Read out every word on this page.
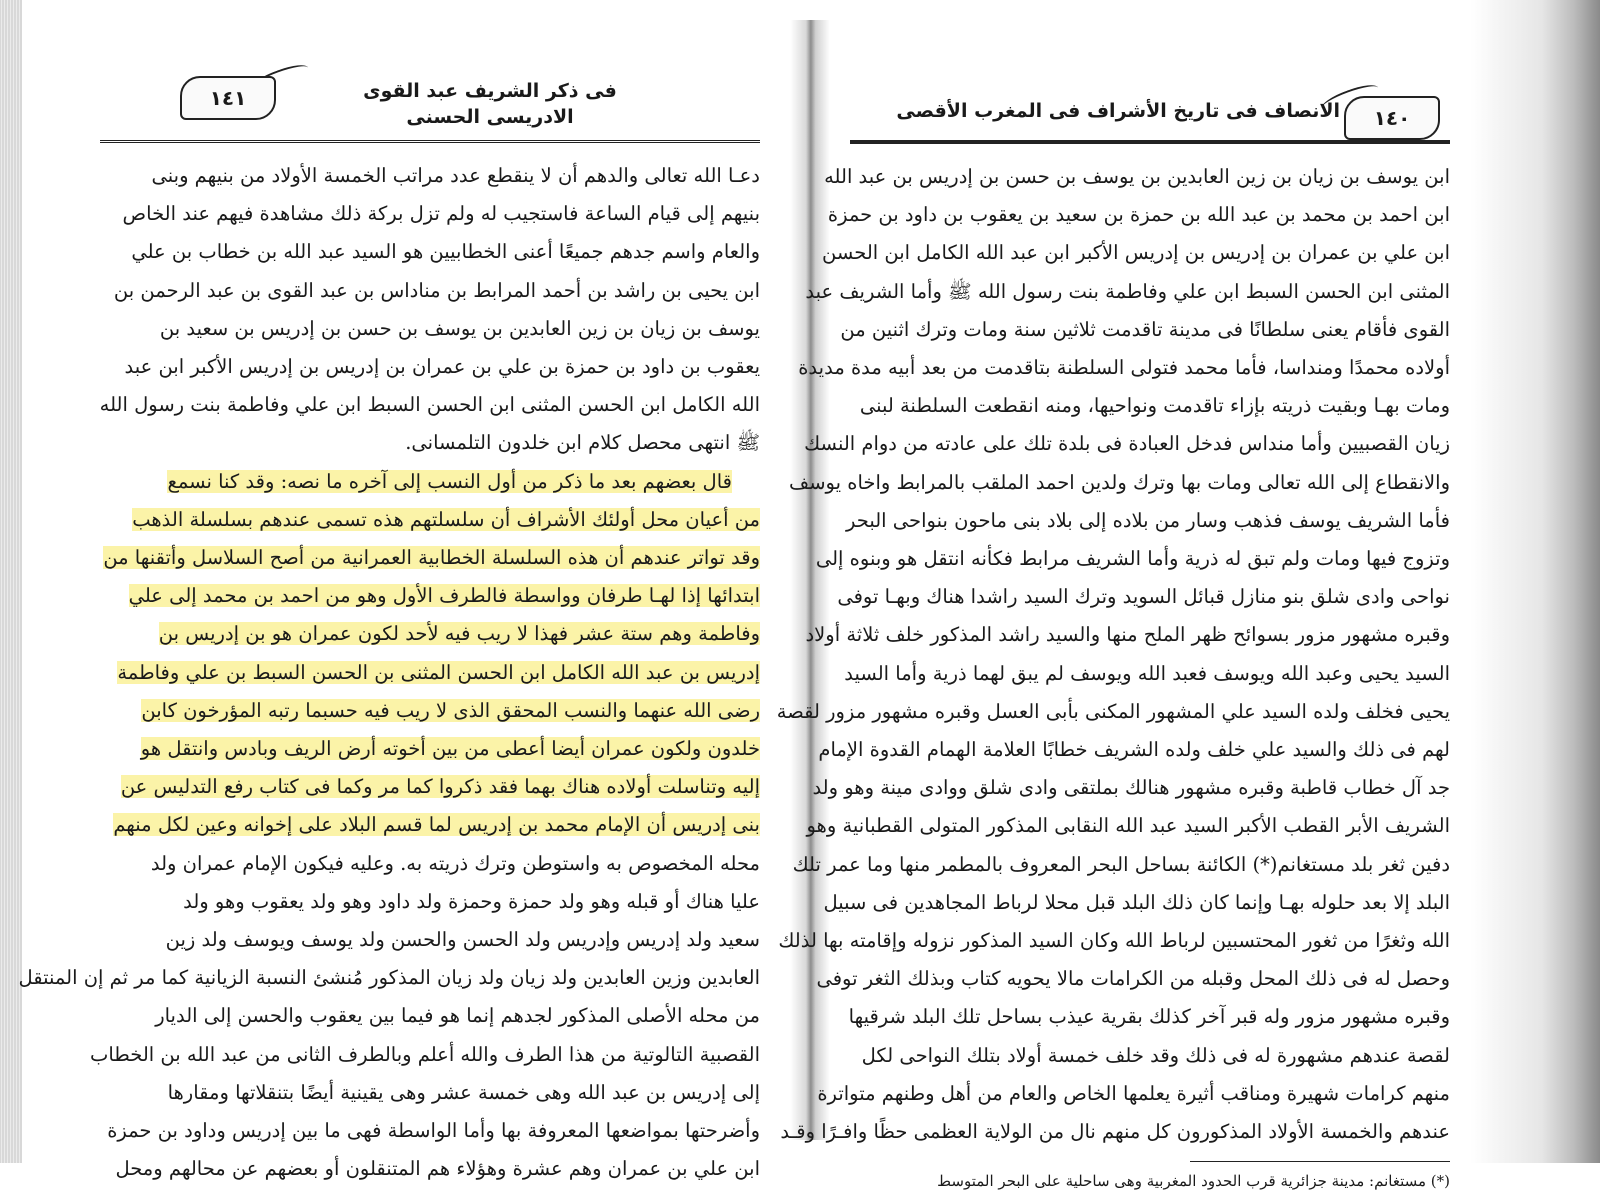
فى ذكر الشريف عبد القوى
الادريسى الحسنى
١٤١
دعـا الله تعالى والدهم أن لا ينقطع عدد مراتب الخمسة الأولاد من بنيهم وبنى
بنيهم إلى قيام الساعة فاستجيب له ولم تزل بركة ذلك مشاهدة فيهم عند الخاص
والعام واسم جدهم جميعًا أعنى الخطابيين هو السيد عبد الله بن خطاب بن علي
ابن يحيى بن راشد بن أحمد المرابط بن مناداس بن عبد القوى بن عبد الرحمن بن
يوسف بن زيان بن زين العابدين بن يوسف بن حسن بن إدريس بن سعيد بن
يعقوب بن داود بن حمزة بن علي بن عمران بن إدريس بن إدريس الأكبر ابن عبد
الله الكامل ابن الحسن المثنى ابن الحسن السبط ابن علي وفاطمة بنت رسول الله
ﷺ انتهى محصل كلام ابن خلدون التلمسانى.
قال بعضهم بعد ما ذكر من أول النسب إلى آخره ما نصه: وقد كنا نسمع
من أعيان محل أولئك الأشراف أن سلسلتهم هذه تسمى عندهم بسلسلة الذهب
وقد تواتر عندهم أن هذه السلسلة الخطابية العمرانية من أصح السلاسل وأتقنها من
ابتدائها إذا لهـا طرفان وواسطة فالطرف الأول وهو من احمد بن محمد إلى علي
وفاطمة وهم ستة عشر فهذا لا ريب فيه لأحد لكون عمران هو بن إدريس بن
إدريس بن عبد الله الكامل ابن الحسن المثنى بن الحسن السبط بن علي وفاطمة
رضى الله عنهما والنسب المحقق الذى لا ريب فيه حسبما رتبه المؤرخون كابن
خلدون ولكون عمران أيضا أعطى من بين أخوته أرض الريف وبادس وانتقل هو
إليه وتناسلت أولاده هناك بهما فقد ذكروا كما مر وكما فى كتاب رفع التدليس عن
بنى إدريس أن الإمام محمد بن إدريس لما قسم البلاد على إخوانه وعين لكل منهم
محله المخصوص به واستوطن وترك ذريته به. وعليه فيكون الإمام عمران ولد
عليا هناك أو قبله وهو ولد حمزة وحمزة ولد داود وهو ولد يعقوب وهو ولد
سعيد ولد إدريس وإدريس ولد الحسن والحسن ولد يوسف ويوسف ولد زين
العابدين وزين العابدين ولد زيان ولد زيان المذكور مُنشئ النسبة الزيانية كما مر ثم إن المنتقل
من محله الأصلى المذكور لجدهم إنما هو فيما بين يعقوب والحسن إلى الديار
القصبية التالوتية من هذا الطرف والله أعلم وبالطرف الثانى من عبد الله بن الخطاب
إلى إدريس بن عبد الله وهى خمسة عشر وهى يقينية أيضًا بتنقلاتها ومقارها
وأضرحتها بمواضعها المعروفة بها وأما الواسطة فهى ما بين إدريس وداود بن حمزة
ابن علي بن عمران وهم عشرة وهؤلاء هم المتنقلون أو بعضهم عن محالهم ومحل
الانصاف فى تاريخ الأشراف فى المغرب الأقصى	١٤٠
ابن يوسف بن زيان بن زين العابدين بن يوسف بن حسن بن إدريس بن عبد الله
ابن احمد بن محمد بن عبد الله بن حمزة بن سعيد بن يعقوب بن داود بن حمزة
ابن علي بن عمران بن إدريس بن إدريس الأكبر ابن عبد الله الكامل ابن الحسن
المثنى ابن الحسن السبط ابن علي وفاطمة بنت رسول الله ﷺ وأما الشريف عبد
القوى فأقام يعنى سلطانًا فى مدينة تاقدمت ثلاثين سنة ومات وترك اثنين من
أولاده محمدًا ومنداسا، فأما محمد فتولى السلطنة بتاقدمت من بعد أبيه مدة مديدة
ومات بهـا وبقيت ذريته بإزاء تاقدمت ونواحيها، ومنه انقطعت السلطنة لبنى
زيان القصبيين وأما منداس فدخل العبادة فى بلدة تلك على عادته من دوام النسك
والانقطاع إلى الله تعالى ومات بها وترك ولدين احمد الملقب بالمرابط واخاه يوسف
فأما الشريف يوسف فذهب وسار من بلاده إلى بلاد بنى ماحون بنواحى البحر
وتزوج فيها ومات ولم تبق له ذرية وأما الشريف مرابط فكأنه انتقل هو وبنوه إلى
نواحى وادى شلق بنو منازل قبائل السويد وترك السيد راشدا هناك وبهـا توفى
وقبره مشهور مزور بسوائح ظهر الملح منها والسيد راشد المذكور خلف ثلاثة أولاد
السيد يحيى وعبد الله ويوسف فعبد الله ويوسف لم يبق لهما ذرية وأما السيد
يحيى فخلف ولده السيد علي المشهور المكنى بأبى العسل وقبره مشهور مزور لقصة
لهم فى ذلك والسيد علي خلف ولده الشريف خطابًا العلامة الهمام القدوة الإمام
جد آل خطاب قاطبة وقبره مشهور هنالك بملتقى وادى شلق ووادى مينة وهو ولد
الشريف الأبر القطب الأكبر السيد عبد الله النقابى المذكور المتولى القطبانية وهو
دفين ثغر بلد مستغانم(*) الكائنة بساحل البحر المعروف بالمطمر منها وما عمر تلك
البلد إلا بعد حلوله بهـا وإنما كان ذلك البلد قبل محلا لرباط المجاهدين فى سبيل
الله وثغرًا من ثغور المحتسبين لرباط الله وكان السيد المذكور نزوله وإقامته بها لذلك
وحصل له فى ذلك المحل وقبله من الكرامات مالا يحويه كتاب وبذلك الثغر توفى
وقبره مشهور مزور وله قبر آخر كذلك بقرية عيذب بساحل تلك البلد شرقيها
لقصة عندهم مشهورة له فى ذلك وقد خلف خمسة أولاد بتلك النواحى لكل
منهم كرامات شهيرة ومناقب أثيرة يعلمها الخاص والعام من أهل وطنهم متواترة
عندهم والخمسة الأولاد المذكورون كل منهم نال من الولاية العظمى حظًا وافـرًا وقـد
(*) مستغانم: مدينة جزائرية قرب الحدود المغربية وهى ساحلية على البحر المتوسط
